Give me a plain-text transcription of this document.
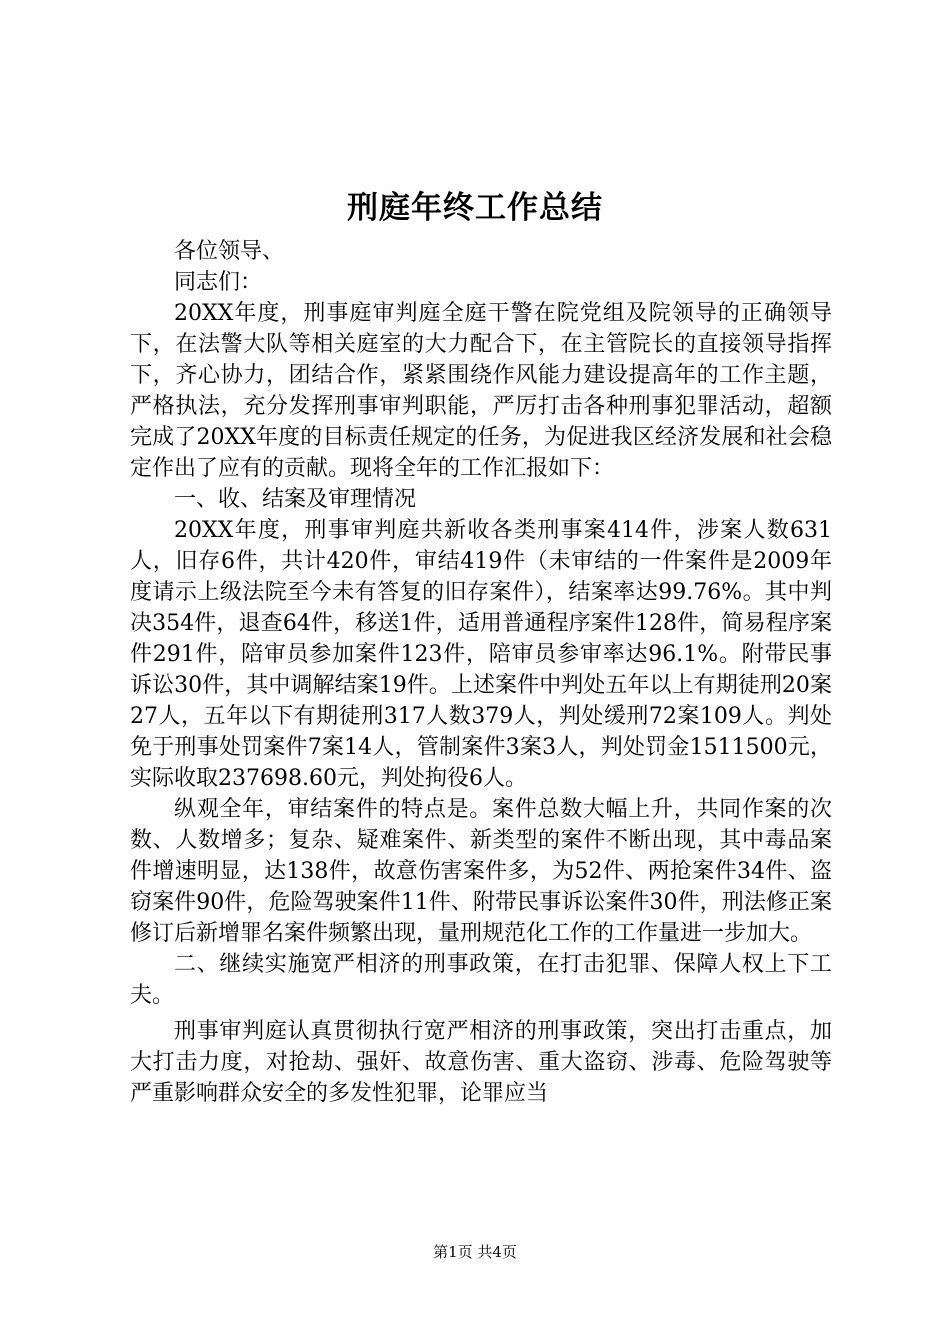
刑庭年终工作总结

各位领导、

同志们：

20XX年度，刑事庭审判庭全庭干警在院党组及院领导的正确领导下，在法警大队等相关庭室的大力配合下，在主管院长的直接领导指挥下，齐心协力，团结合作，紧紧围绕作风能力建设提高年的工作主题，严格执法，充分发挥刑事审判职能，严厉打击各种刑事犯罪活动，超额完成了20XX年度的目标责任规定的任务，为促进我区经济发展和社会稳定作出了应有的贡献。现将全年的工作汇报如下：

一、收、结案及审理情况

20XX年度，刑事审判庭共新收各类刑事案414件，涉案人数631人，旧存6件，共计420件，审结419件（未审结的一件案件是2009年度请示上级法院至今未有答复的旧存案件），结案率达99.76%。其中判决354件，退查64件，移送1件，适用普通程序案件128件，简易程序案件291件，陪审员参加案件123件，陪审员参审率达96.1%。附带民事诉讼30件，其中调解结案19件。上述案件中判处五年以上有期徒刑20案27人，五年以下有期徒刑317人数379人，判处缓刑72案109人。判处免于刑事处罚案件7案14人，管制案件3案3人，判处罚金1511500元，实际收取237698.60元，判处拘役6人。

纵观全年，审结案件的特点是。案件总数大幅上升，共同作案的次数、人数增多；复杂、疑难案件、新类型的案件不断出现，其中毒品案件增速明显，达138件，故意伤害案件多，为52件、两抢案件34件、盗窃案件90件，危险驾驶案件11件、附带民事诉讼案件30件，刑法修正案修订后新增罪名案件频繁出现，量刑规范化工作的工作量进一步加大。

二、继续实施宽严相济的刑事政策，在打击犯罪、保障人权上下工夫。

刑事审判庭认真贯彻执行宽严相济的刑事政策，突出打击重点，加大打击力度，对抢劫、强奸、故意伤害、重大盗窃、涉毒、危险驾驶等严重影响群众安全的多发性犯罪，论罪应当

第1页 共4页
